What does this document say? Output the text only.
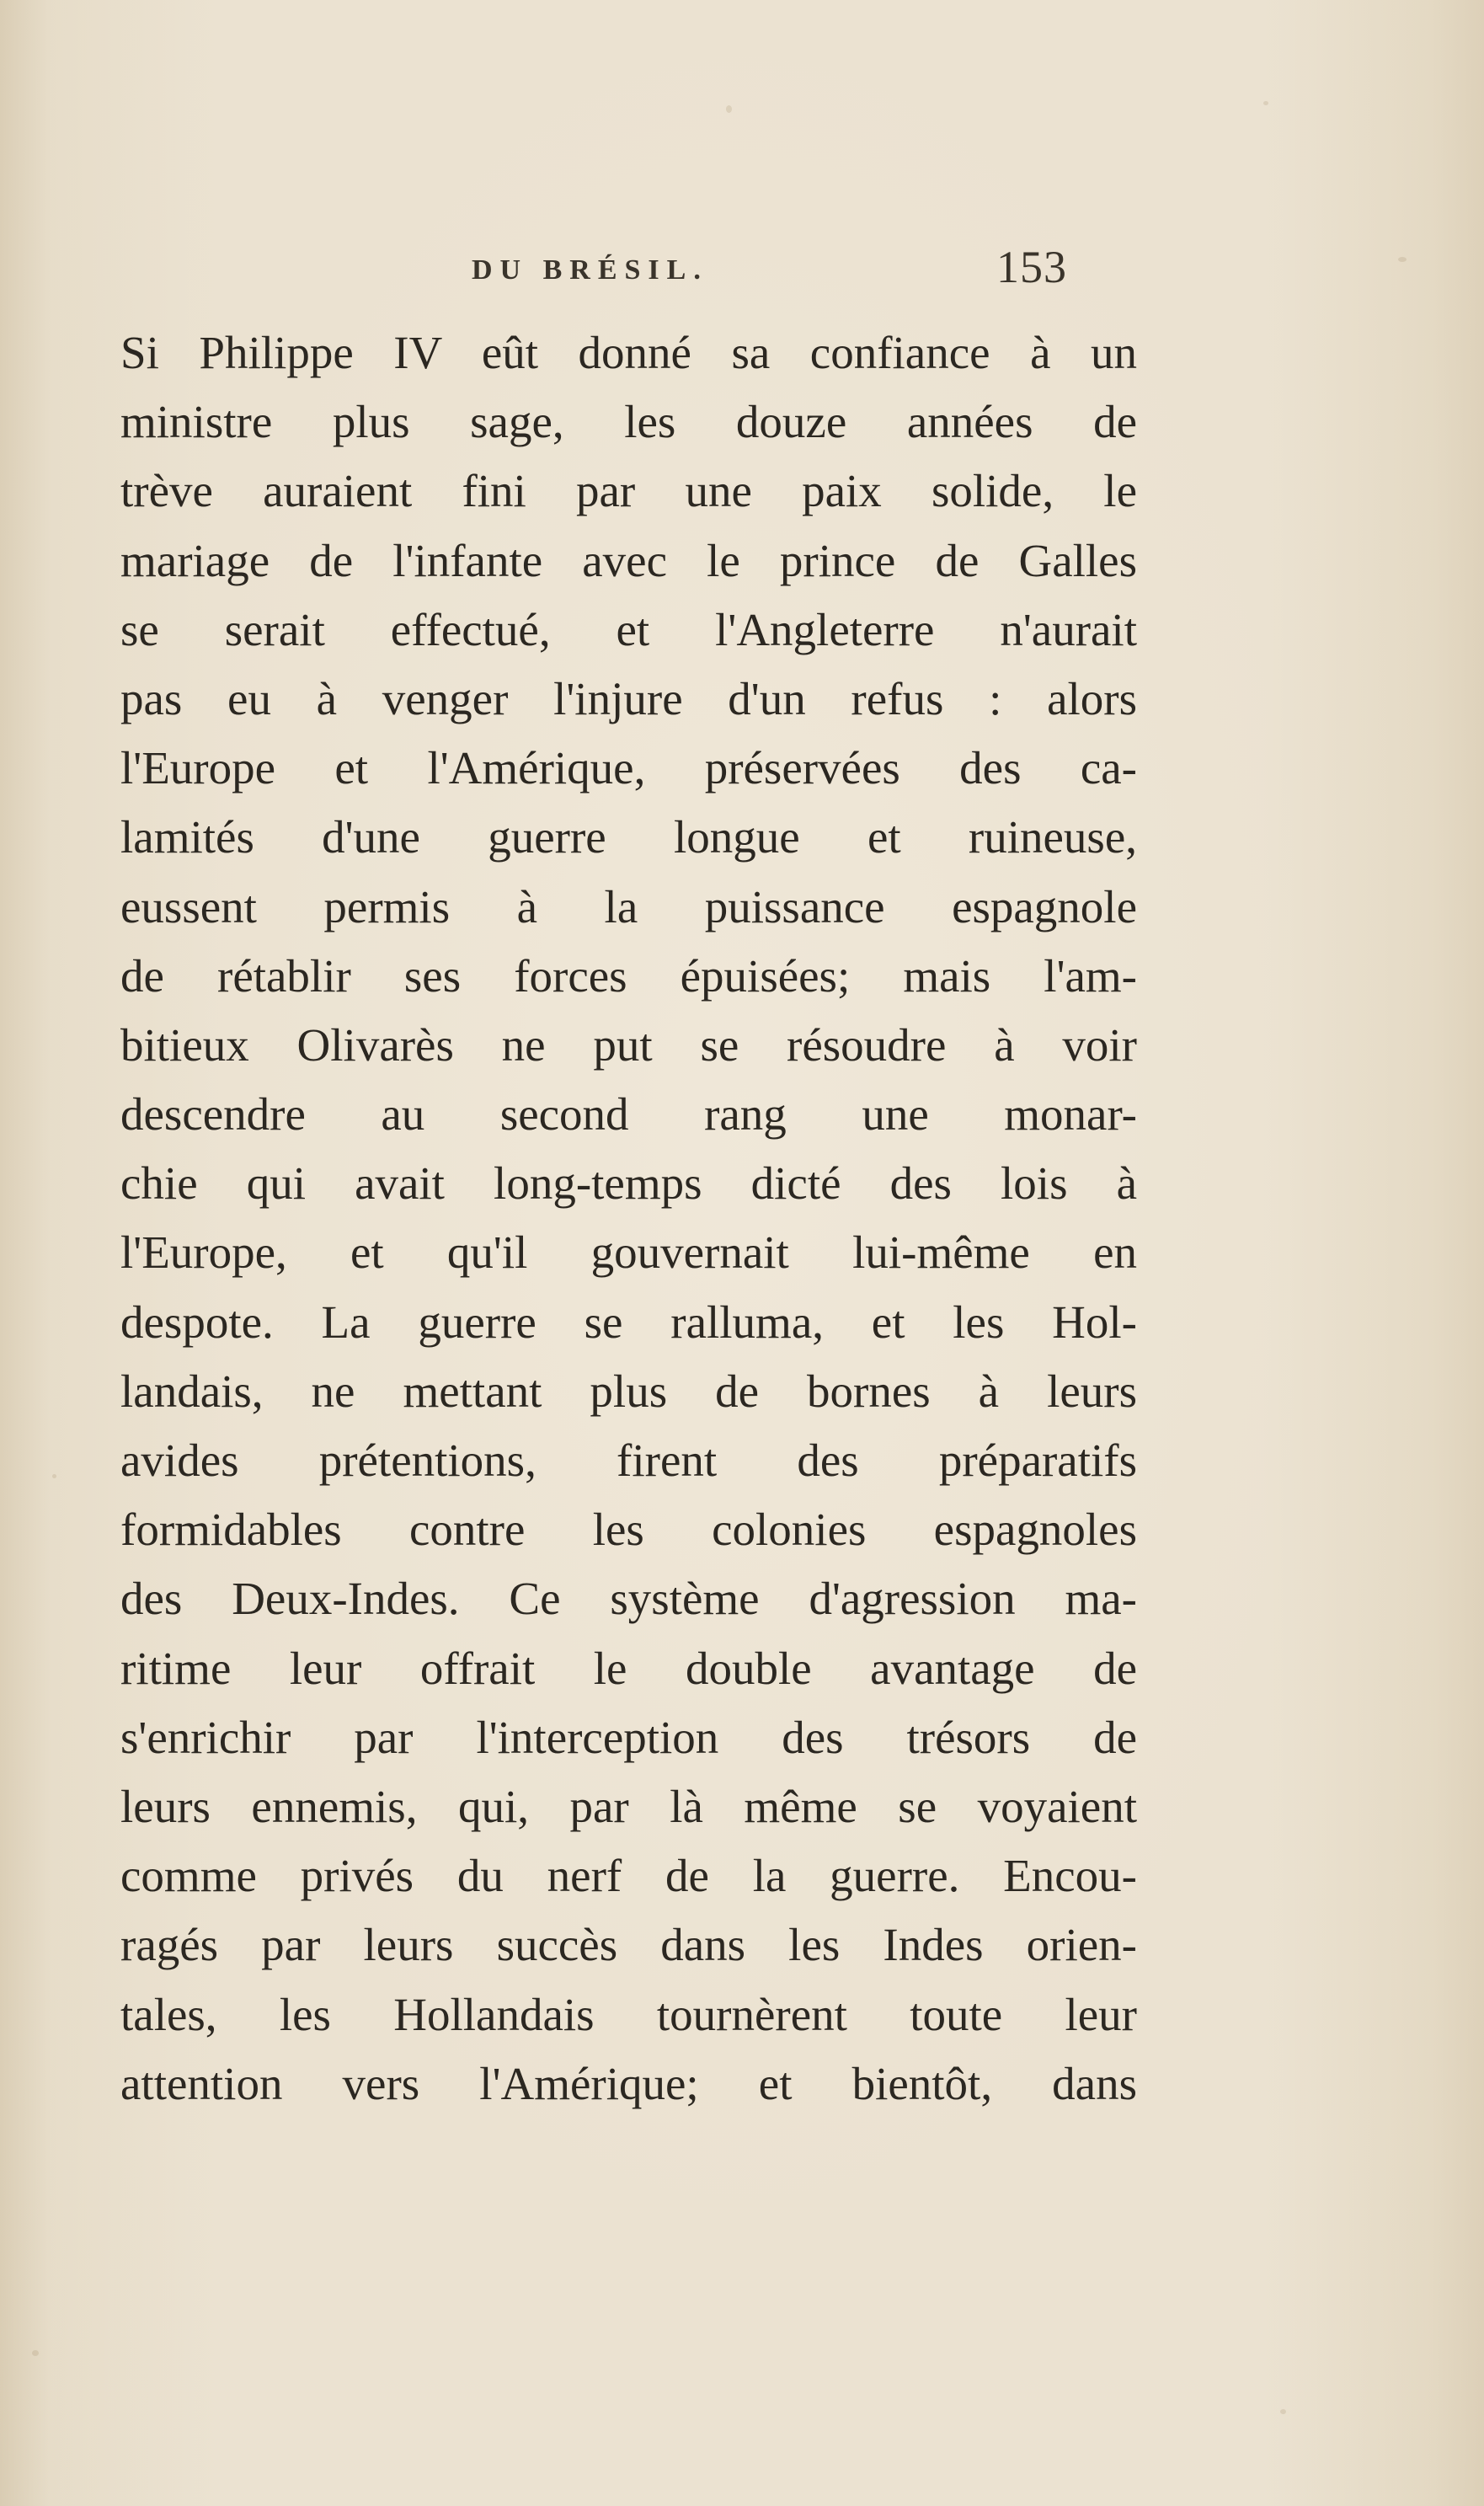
DU BRÉSIL.	153
Si Philippe IV eût donné sa confiance à un
ministre plus sage, les douze années de
trève auraient fini par une paix solide, le
mariage de l'infante avec le prince de Galles
se serait effectué, et l'Angleterre n'aurait
pas eu à venger l'injure d'un refus : alors
l'Europe et l'Amérique, préservées des ca-
lamités d'une guerre longue et ruineuse,
eussent permis à la puissance espagnole
de rétablir ses forces épuisées; mais l'am-
bitieux Olivarès ne put se résoudre à voir
descendre au second rang une monar-
chie qui avait long-temps dicté des lois à
l'Europe, et qu'il gouvernait lui-même en
despote. La guerre se ralluma, et les Hol-
landais, ne mettant plus de bornes à leurs
avides prétentions, firent des préparatifs
formidables contre les colonies espagnoles
des Deux-Indes. Ce système d'agression ma-
ritime leur offrait le double avantage de
s'enrichir par l'interception des trésors de
leurs ennemis, qui, par là même se voyaient
comme privés du nerf de la guerre. Encou-
ragés par leurs succès dans les Indes orien-
tales, les Hollandais tournèrent toute leur
attention vers l'Amérique; et bientôt, dans
